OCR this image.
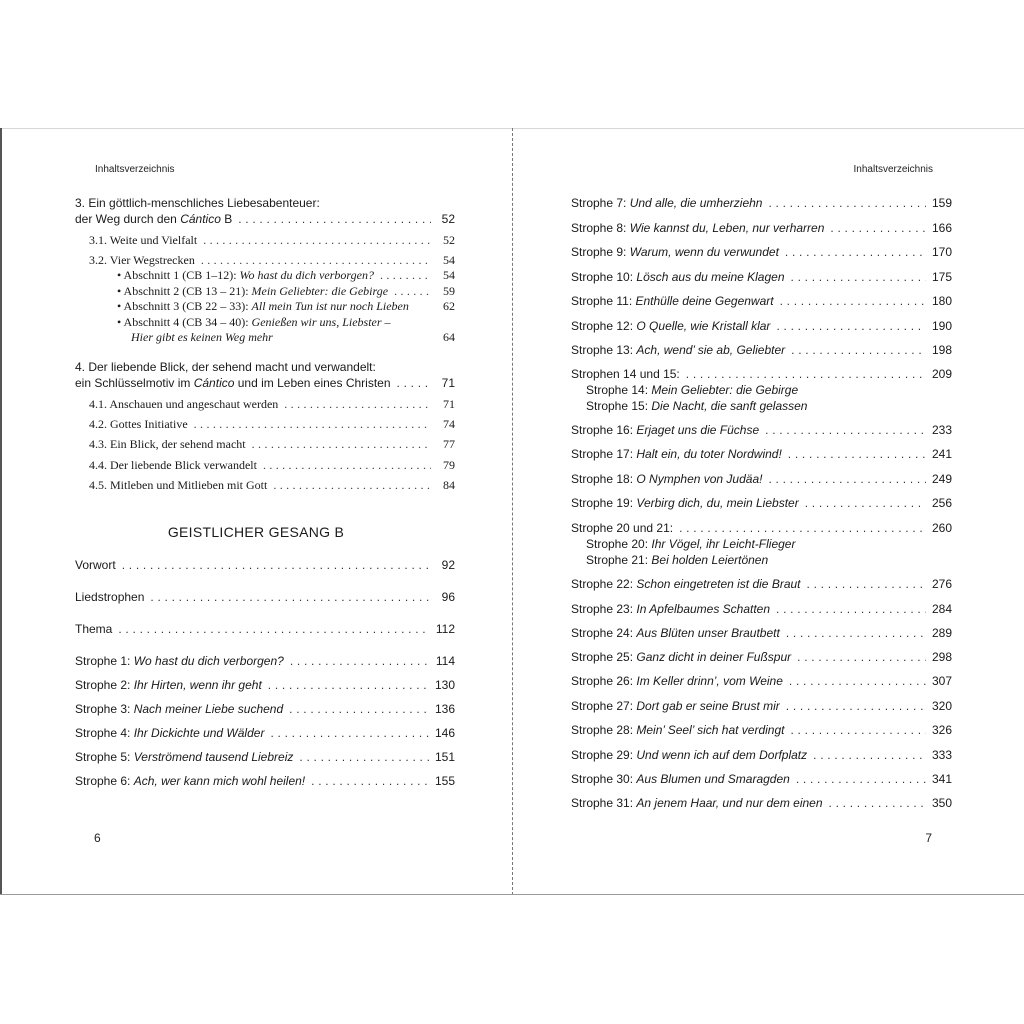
Inhaltsverzeichnis
3. Ein göttlich-menschliches Liebesabenteuer:
der Weg durch den Cántico B . . .	52
3.1. Weite und Vielfalt . . .	52
3.2. Vier Wegstrecken . . .	54
• Abschnitt 1 (CB 1–12): Wo hast du dich verborgen? . . .	54
• Abschnitt 2 (CB 13 – 21): Mein Geliebter: die Gebirge . . .	59
• Abschnitt 3 (CB 22 – 33): All mein Tun ist nur noch Lieben	62
• Abschnitt 4 (CB 34 – 40): Genießen wir uns, Liebster –
Hier gibt es keinen Weg mehr	64
4. Der liebende Blick, der sehend macht und verwandelt:
ein Schlüsselmotiv im Cántico und im Leben eines Christen . . .	71
4.1. Anschauen und angeschaut werden . . .	71
4.2. Gottes Initiative . . .	74
4.3. Ein Blick, der sehend macht . . .	77
4.4. Der liebende Blick verwandelt . . .	79
4.5. Mitleben und Mitlieben mit Gott . . .	84
GEISTLICHER GESANG B
Vorwort . . .	92
Liedstrophen . . .	96
Thema . . .	112
Strophe 1: Wo hast du dich verborgen? . . .	114
Strophe 2: Ihr Hirten, wenn ihr geht . . .	130
Strophe 3: Nach meiner Liebe suchend . . .	136
Strophe 4: Ihr Dickichte und Wälder . . .	146
Strophe 5: Verströmend tausend Liebreiz . . .	151
Strophe 6: Ach, wer kann mich wohl heilen! . . .	155
6
Inhaltsverzeichnis
Strophe 7: Und alle, die umherziehn . . .	159
Strophe 8: Wie kannst du, Leben, nur verharren . . .	166
Strophe 9: Warum, wenn du verwundet . . .	170
Strophe 10: Lösch aus du meine Klagen . . .	175
Strophe 11: Enthülle deine Gegenwart . . .	180
Strophe 12: O Quelle, wie Kristall klar . . .	190
Strophe 13: Ach, wend’ sie ab, Geliebter . . .	198
Strophen 14 und 15: . . .	209
Strophe 14: Mein Geliebter: die Gebirge
Strophe 15: Die Nacht, die sanft gelassen
Strophe 16: Erjaget uns die Füchse . . .	233
Strophe 17: Halt ein, du toter Nordwind! . . .	241
Strophe 18: O Nymphen von Judäa! . . .	249
Strophe 19: Verbirg dich, du, mein Liebster . . .	256
Strophe 20 und 21: . . .	260
Strophe 20: Ihr Vögel, ihr Leicht-Flieger
Strophe 21: Bei holden Leiertönen
Strophe 22: Schon eingetreten ist die Braut . . .	276
Strophe 23: In Apfelbaumes Schatten . . .	284
Strophe 24: Aus Blüten unser Brautbett . . .	289
Strophe 25: Ganz dicht in deiner Fußspur . . .	298
Strophe 26: Im Keller drinn’, vom Weine . . .	307
Strophe 27: Dort gab er seine Brust mir . . .	320
Strophe 28: Mein’ Seel’ sich hat verdingt . . .	326
Strophe 29: Und wenn ich auf dem Dorfplatz . . .	333
Strophe 30: Aus Blumen und Smaragden . . .	341
Strophe 31: An jenem Haar, und nur dem einen . . .	350
7
